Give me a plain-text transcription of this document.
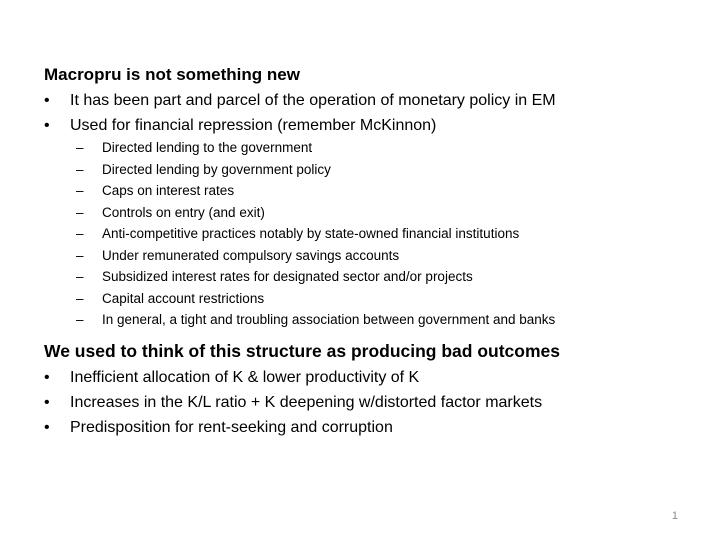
Macropru is not something new

• It has been part and parcel of the operation of monetary policy in EM
• Used for financial repression (remember McKinnon)
– Directed lending to the government
– Directed lending by government policy
– Caps on interest rates
– Controls on entry (and exit)
– Anti-competitive practices notably by state-owned financial institutions
– Under remunerated compulsory savings accounts
– Subsidized interest rates for designated sector and/or projects
– Capital account restrictions
– In general, a tight and troubling association between government and banks

We used to think of this structure as producing bad outcomes

• Inefficient allocation of K & lower productivity of K
• Increases in the K/L ratio + K deepening w/distorted factor markets
• Predisposition for rent-seeking and corruption
1
